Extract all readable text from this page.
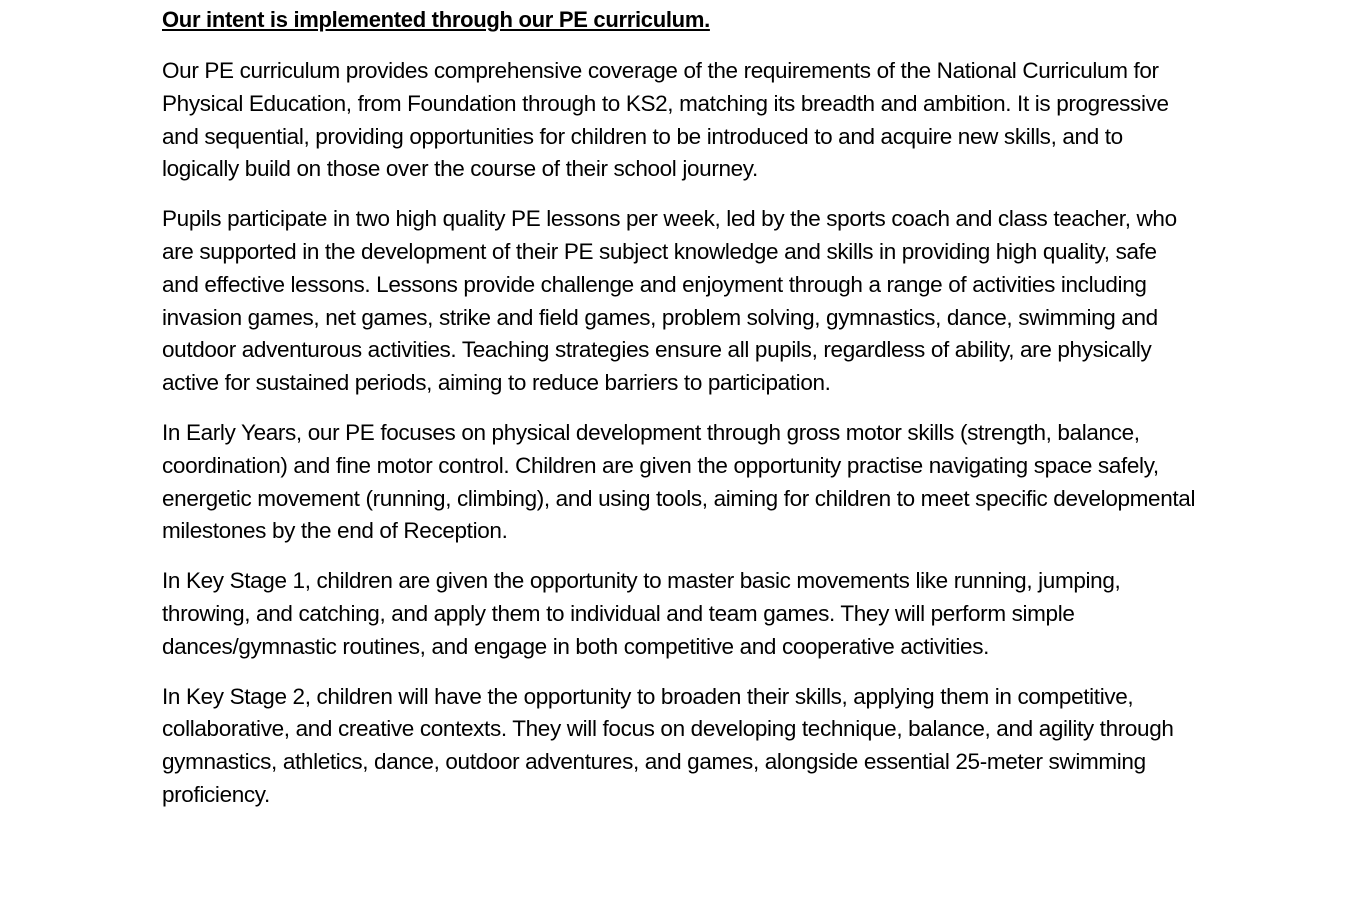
Our intent is implemented through our PE curriculum.

Our PE curriculum provides comprehensive coverage of the requirements of the National Curriculum for Physical Education, from Foundation through to KS2, matching its breadth and ambition. It is progressive and sequential, providing opportunities for children to be introduced to and acquire new skills, and to logically build on those over the course of their school journey.

Pupils participate in two high quality PE lessons per week, led by the sports coach and class teacher, who are supported in the development of their PE subject knowledge and skills in providing high quality, safe and effective lessons. Lessons provide challenge and enjoyment through a range of activities including invasion games, net games, strike and field games, problem solving, gymnastics, dance, swimming and outdoor adventurous activities. Teaching strategies ensure all pupils, regardless of ability, are physically active for sustained periods, aiming to reduce barriers to participation.

In Early Years, our PE focuses on physical development through gross motor skills (strength, balance, coordination) and fine motor control. Children are given the opportunity practise navigating space safely, energetic movement (running, climbing), and using tools, aiming for children to meet specific developmental milestones by the end of Reception.

In Key Stage 1, children are given the opportunity to master basic movements like running, jumping, throwing, and catching, and apply them to individual and team games. They will perform simple dances/gymnastic routines, and engage in both competitive and cooperative activities.

In Key Stage 2, children will have the opportunity to broaden their skills, applying them in competitive, collaborative, and creative contexts. They will focus on developing technique, balance, and agility through gymnastics, athletics, dance, outdoor adventures, and games, alongside essential 25-meter swimming proficiency.
